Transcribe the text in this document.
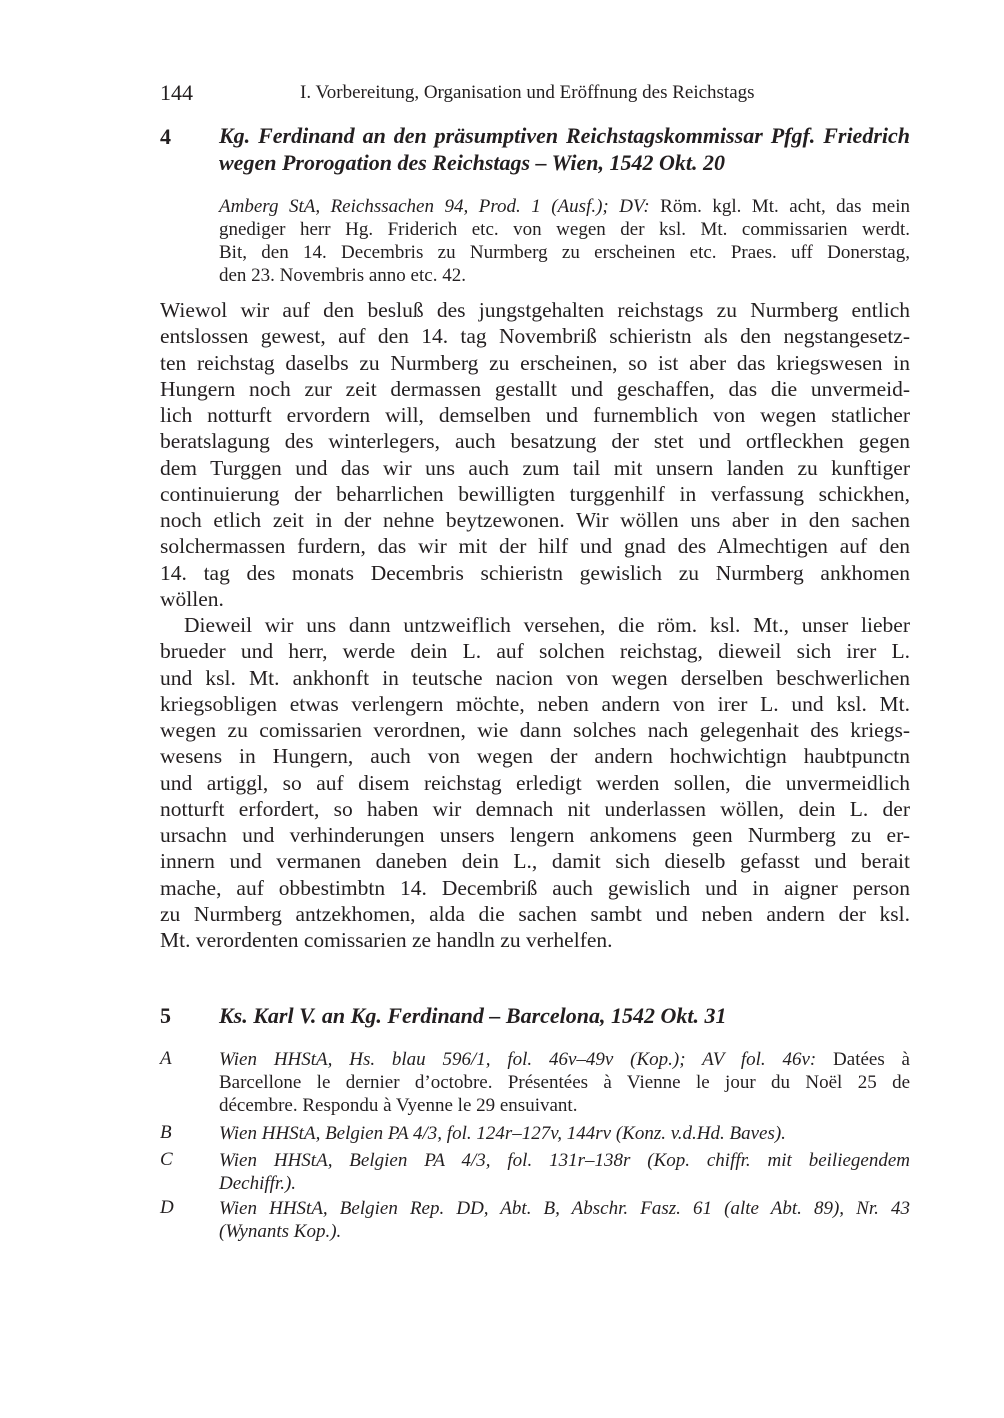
144	I. Vorbereitung, Organisation und Eröffnung des Reichstags
4 Kg. Ferdinand an den präsumptiven Reichstagskommissar Pfgf. Friedrich
wegen Prorogation des Reichstags – Wien, 1542 Okt. 20
Amberg StA, Reichssachen 94, Prod. 1 (Ausf.); DV: Röm. kgl. Mt. acht, das mein
gnediger herr Hg. Friderich etc. von wegen der ksl. Mt. commissarien werdt.
Bit, den 14. Decembris zu Nurmberg zu erscheinen etc. Praes. uff Donerstag,
den 23. Novembris anno etc. 42.
Wiewol wir auf den besluß des jungstgehalten reichstags zu Nurmberg entlich
entslossen gewest, auf den 14. tag Novembriß schieristn als den negstangesetz-
ten reichstag daselbs zu Nurmberg zu erscheinen, so ist aber das kriegswesen in
Hungern noch zur zeit dermassen gestallt und geschaffen, das die unvermeid-
lich notturft ervordern will, demselben und furnemblich von wegen statlicher
beratslagung des winterlegers, auch besatzung der stet und ortfleckhen gegen
dem Turggen und das wir uns auch zum tail mit unsern landen zu kunftiger
continuierung der beharrlichen bewilligten turggenhilf in verfassung schickhen,
noch etlich zeit in der nehne beytzewonen. Wir wöllen uns aber in den sachen
solchermassen furdern, das wir mit der hilf und gnad des Almechtigen auf den
14. tag des monats Decembris schieristn gewislich zu Nurmberg ankhomen
wöllen.
Dieweil wir uns dann untzweiflich versehen, die röm. ksl. Mt., unser lieber
brueder und herr, werde dein L. auf solchen reichstag, dieweil sich irer L.
und ksl. Mt. ankhonft in teutsche nacion von wegen derselben beschwerlichen
kriegsobligen etwas verlengern möchte, neben andern von irer L. und ksl. Mt.
wegen zu comissarien verordnen, wie dann solches nach gelegenhait des kriegs-
wesens in Hungern, auch von wegen der andern hochwichtign haubtpunctn
und artiggl, so auf disem reichstag erledigt werden sollen, die unvermeidlich
notturft erfordert, so haben wir demnach nit underlassen wöllen, dein L. der
ursachn und verhinderungen unsers lengern ankomens geen Nurmberg zu er-
innern und vermanen daneben dein L., damit sich dieselb gefasst und berait
mache, auf obbestimbtn 14. Decembriß auch gewislich und in aigner person
zu Nurmberg antzekhomen, alda die sachen sambt und neben andern der ksl.
Mt. verordenten comissarien ze handln zu verhelfen.
5 Ks. Karl V. an Kg. Ferdinand – Barcelona, 1542 Okt. 31
A Wien HHStA, Hs. blau 596/1, fol. 46v–49v (Kop.); AV fol. 46v: Datées à
Barcellone le dernier d’octobre. Présentées à Vienne le jour du Noël 25 de
décembre. Respondu à Vyenne le 29 ensuivant.
B Wien HHStA, Belgien PA 4/3, fol. 124r–127v, 144rv (Konz. v.d.Hd. Baves).
C Wien HHStA, Belgien PA 4/3, fol. 131r–138r (Kop. chiffr. mit beiliegendem
Dechiffr.).
D Wien HHStA, Belgien Rep. DD, Abt. B, Abschr. Fasz. 61 (alte Abt. 89), Nr. 43
(Wynants Kop.).
